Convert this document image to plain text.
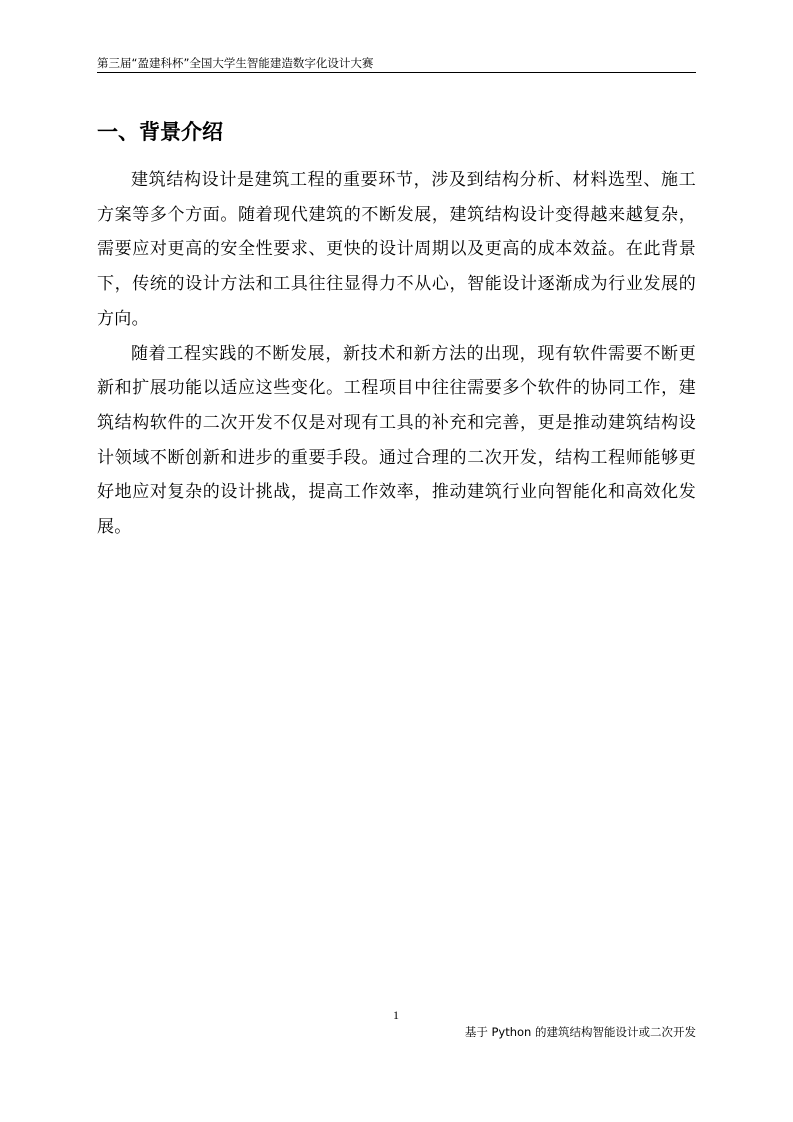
第三届“盈建科杯”全国大学生智能建造数字化设计大赛
一、背景介绍

建筑结构设计是建筑工程的重要环节，涉及到结构分析、材料选型、施工方案等多个方面。随着现代建筑的不断发展，建筑结构设计变得越来越复杂，需要应对更高的安全性要求、更快的设计周期以及更高的成本效益。在此背景下，传统的设计方法和工具往往显得力不从心，智能设计逐渐成为行业发展的方向。

随着工程实践的不断发展，新技术和新方法的出现，现有软件需要不断更新和扩展功能以适应这些变化。工程项目中往往需要多个软件的协同工作，建筑结构软件的二次开发不仅是对现有工具的补充和完善，更是推动建筑结构设计领域不断创新和进步的重要手段。通过合理的二次开发，结构工程师能够更好地应对复杂的设计挑战，提高工作效率，推动建筑行业向智能化和高效化发展。

1
基于 Python 的建筑结构智能设计或二次开发
